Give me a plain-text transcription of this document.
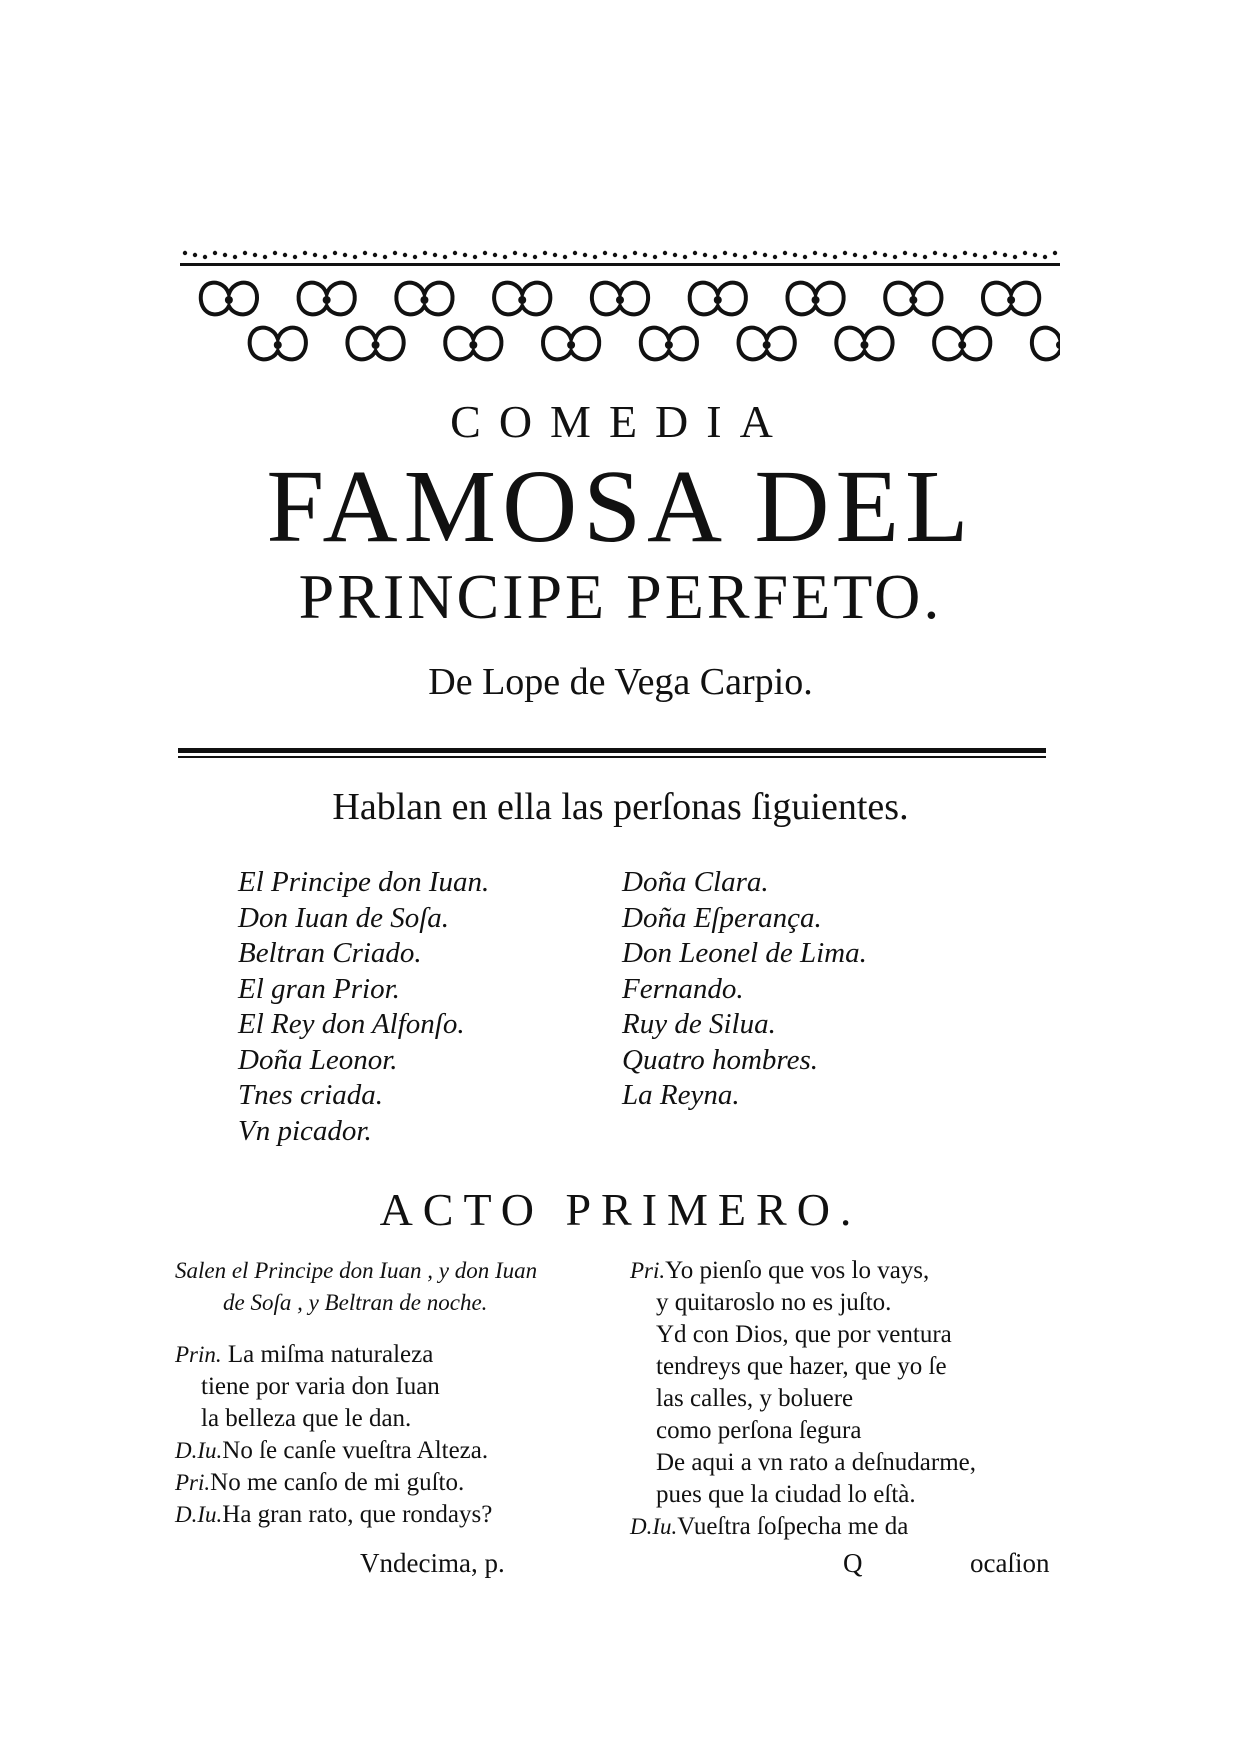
COMEDIA
FAMOSA DEL
PRINCIPE PERFETO.
De Lope de Vega Carpio.
Hablan en ella las perſonas ſiguientes.
El Principe don Iuan.
Don Iuan de Soſa.
Beltran Criado.
El gran Prior.
El Rey don Alfonſo.
Doña Leonor.
Tnes criada.
Vn picador.
Doña Clara.
Doña Eſperança.
Don Leonel de Lima.
Fernando.
Ruy de Silua.
Quatro hombres.
La Reyna.
ACTO PRIMERO.
Salen el Principe don Iuan , y don Iuan
de Soſa , y Beltran de noche.
Prin. La miſma naturaleza
tiene por varia don Iuan
la belleza que le dan.
D.Iu.No ſe canſe vueſtra Alteza.
Pri.No me canſo de mi guſto.
D.Iu.Ha gran rato, que rondays?
Pri.Yo pienſo que vos lo vays,
y quitaroslo no es juſto.
Yd con Dios, que por ventura
tendreys que hazer, que yo ſe
las calles, y boluere
como perſona ſegura
De aqui a vn rato a deſnudarme,
pues que la ciudad lo eſtà.
D.Iu.Vueſtra ſoſpecha me da
Vndecima, p.	Q	ocaſion
